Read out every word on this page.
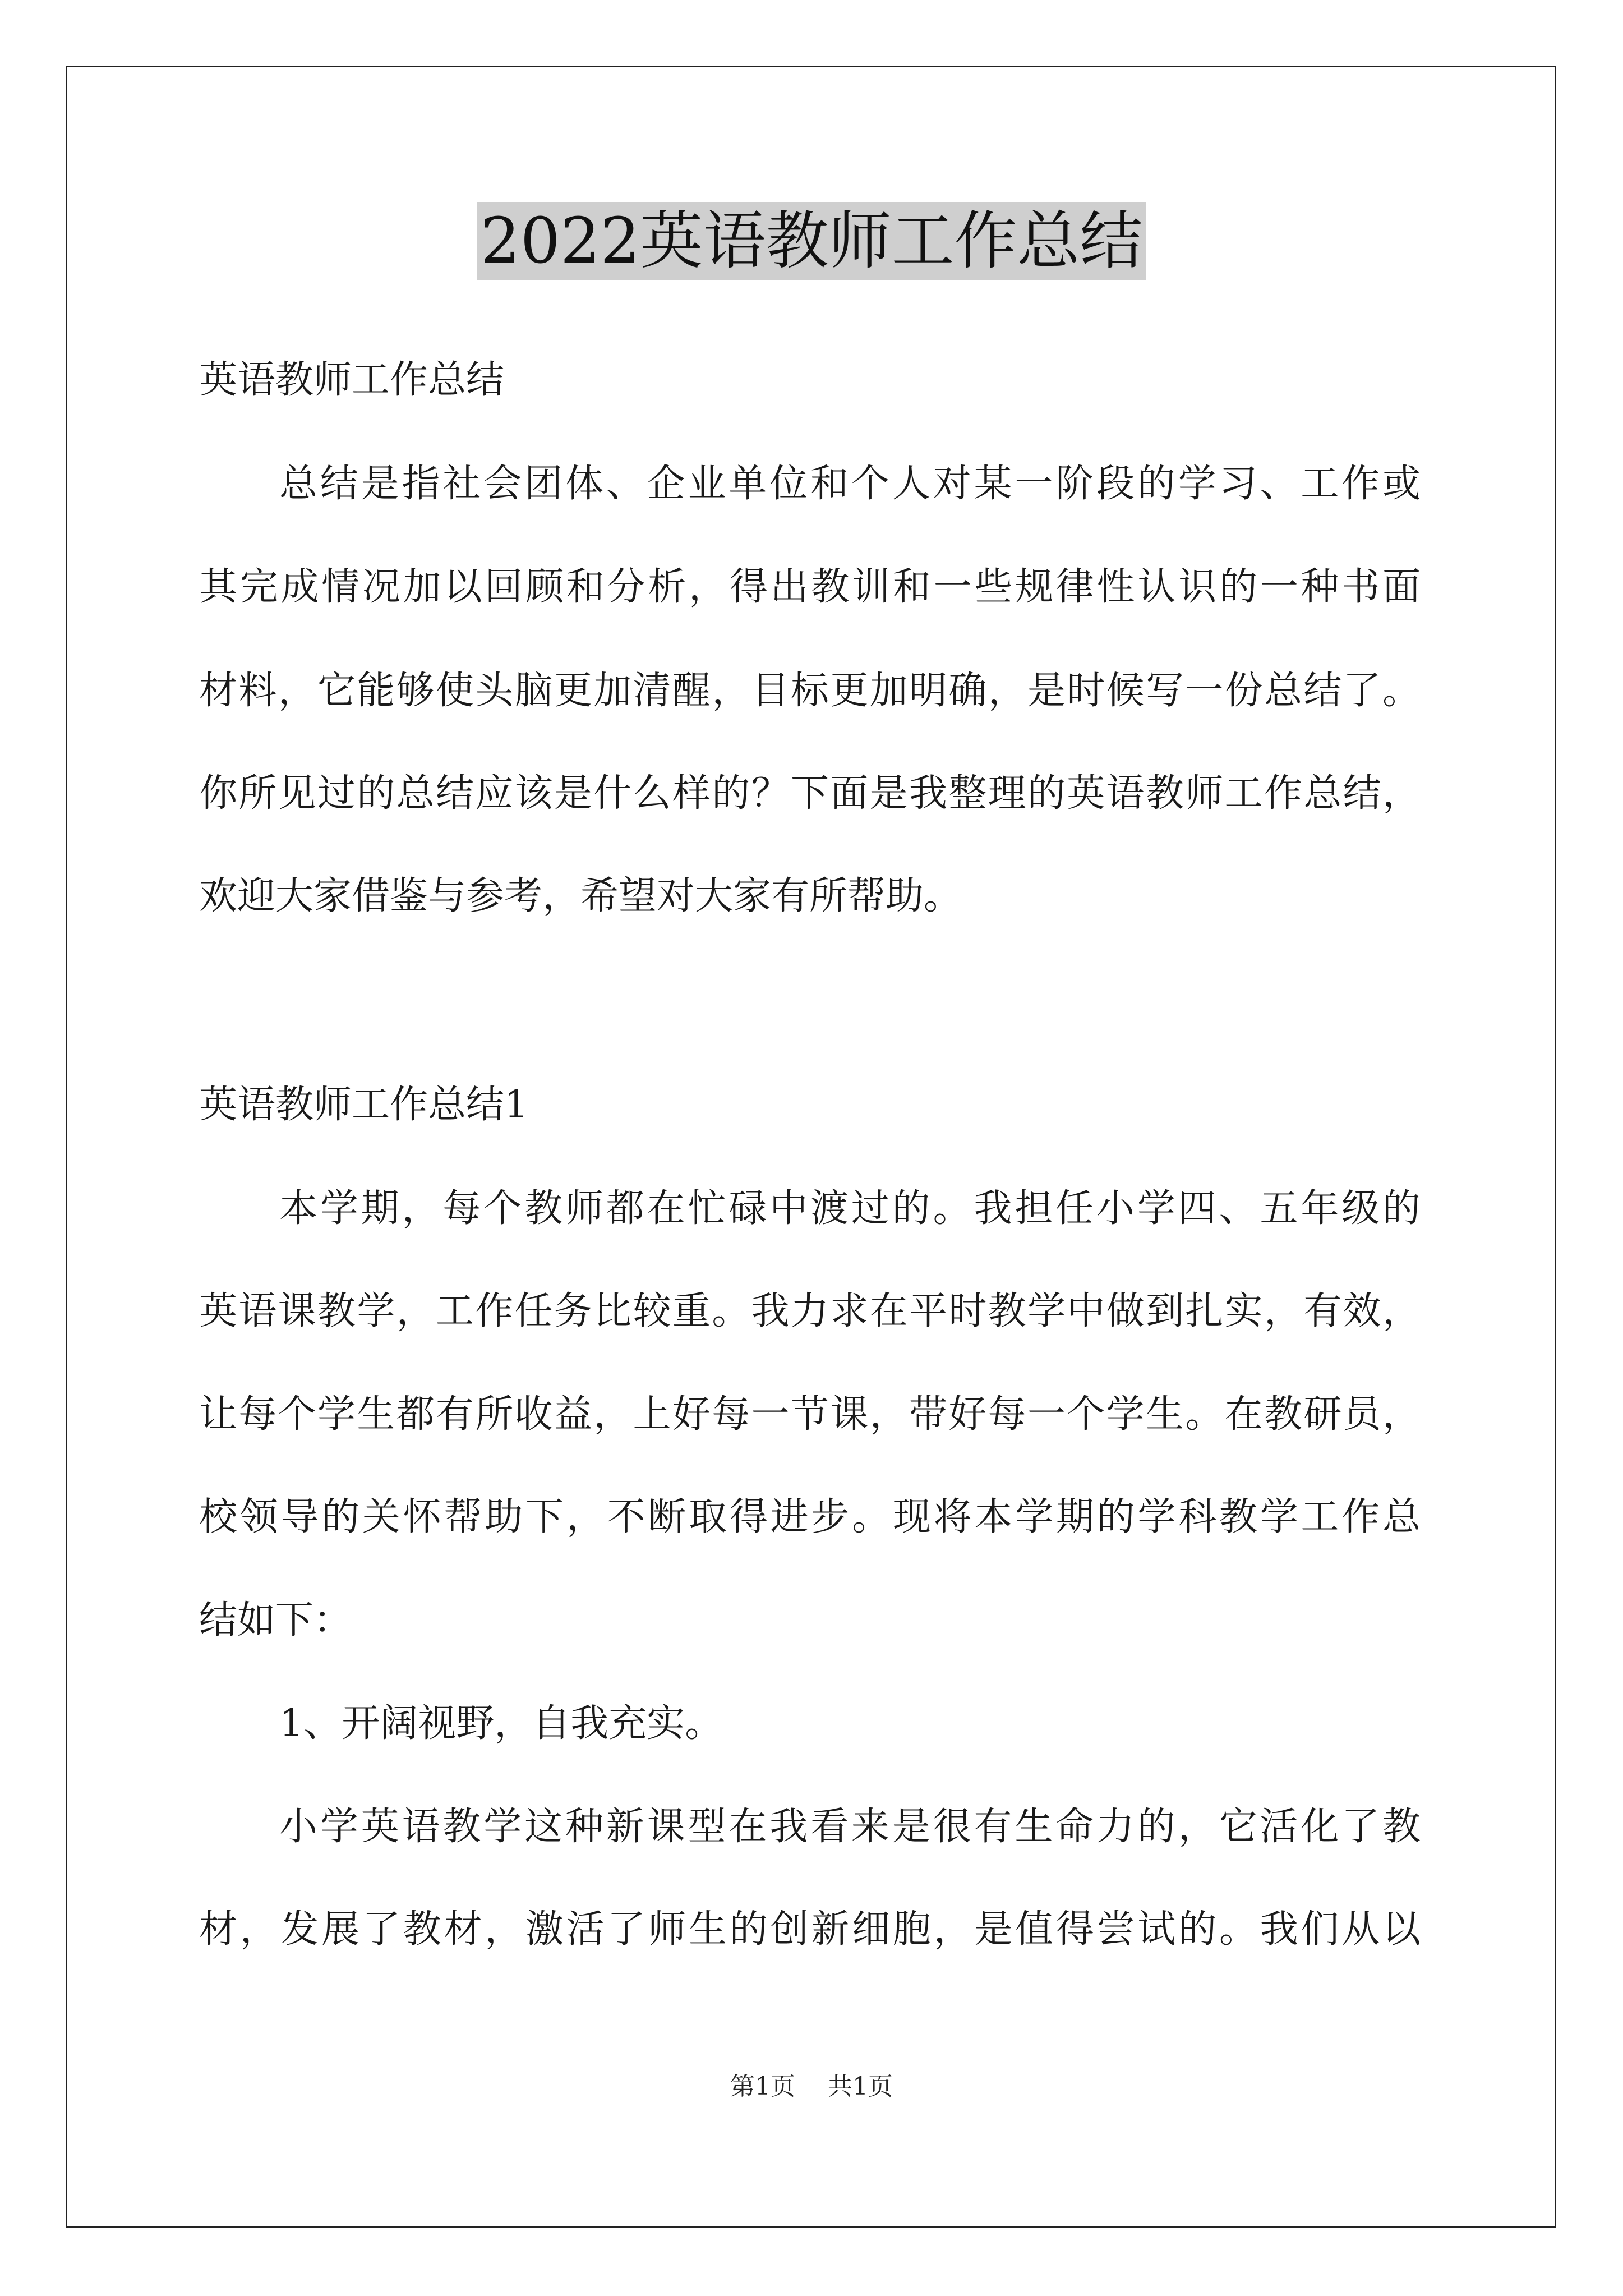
2022英语教师工作总结
英语教师工作总结
总结是指社会团体、企业单位和个人对某一阶段的学习、工作或
其完成情况加以回顾和分析，得出教训和一些规律性认识的一种书面
材料，它能够使头脑更加清醒，目标更加明确，是时候写一份总结了。
你所见过的总结应该是什么样的？下面是我整理的英语教师工作总结，
欢迎大家借鉴与参考，希望对大家有所帮助。
英语教师工作总结1
本学期，每个教师都在忙碌中渡过的。我担任小学四、五年级的
英语课教学，工作任务比较重。我力求在平时教学中做到扎实，有效，
让每个学生都有所收益，上好每一节课，带好每一个学生。在教研员，
校领导的关怀帮助下，不断取得进步。现将本学期的学科教学工作总
结如下：
1、开阔视野，自我充实。
小学英语教学这种新课型在我看来是很有生命力的，它活化了教
材，发展了教材，激活了师生的创新细胞，是值得尝试的。我们从以
第1页 共1页
